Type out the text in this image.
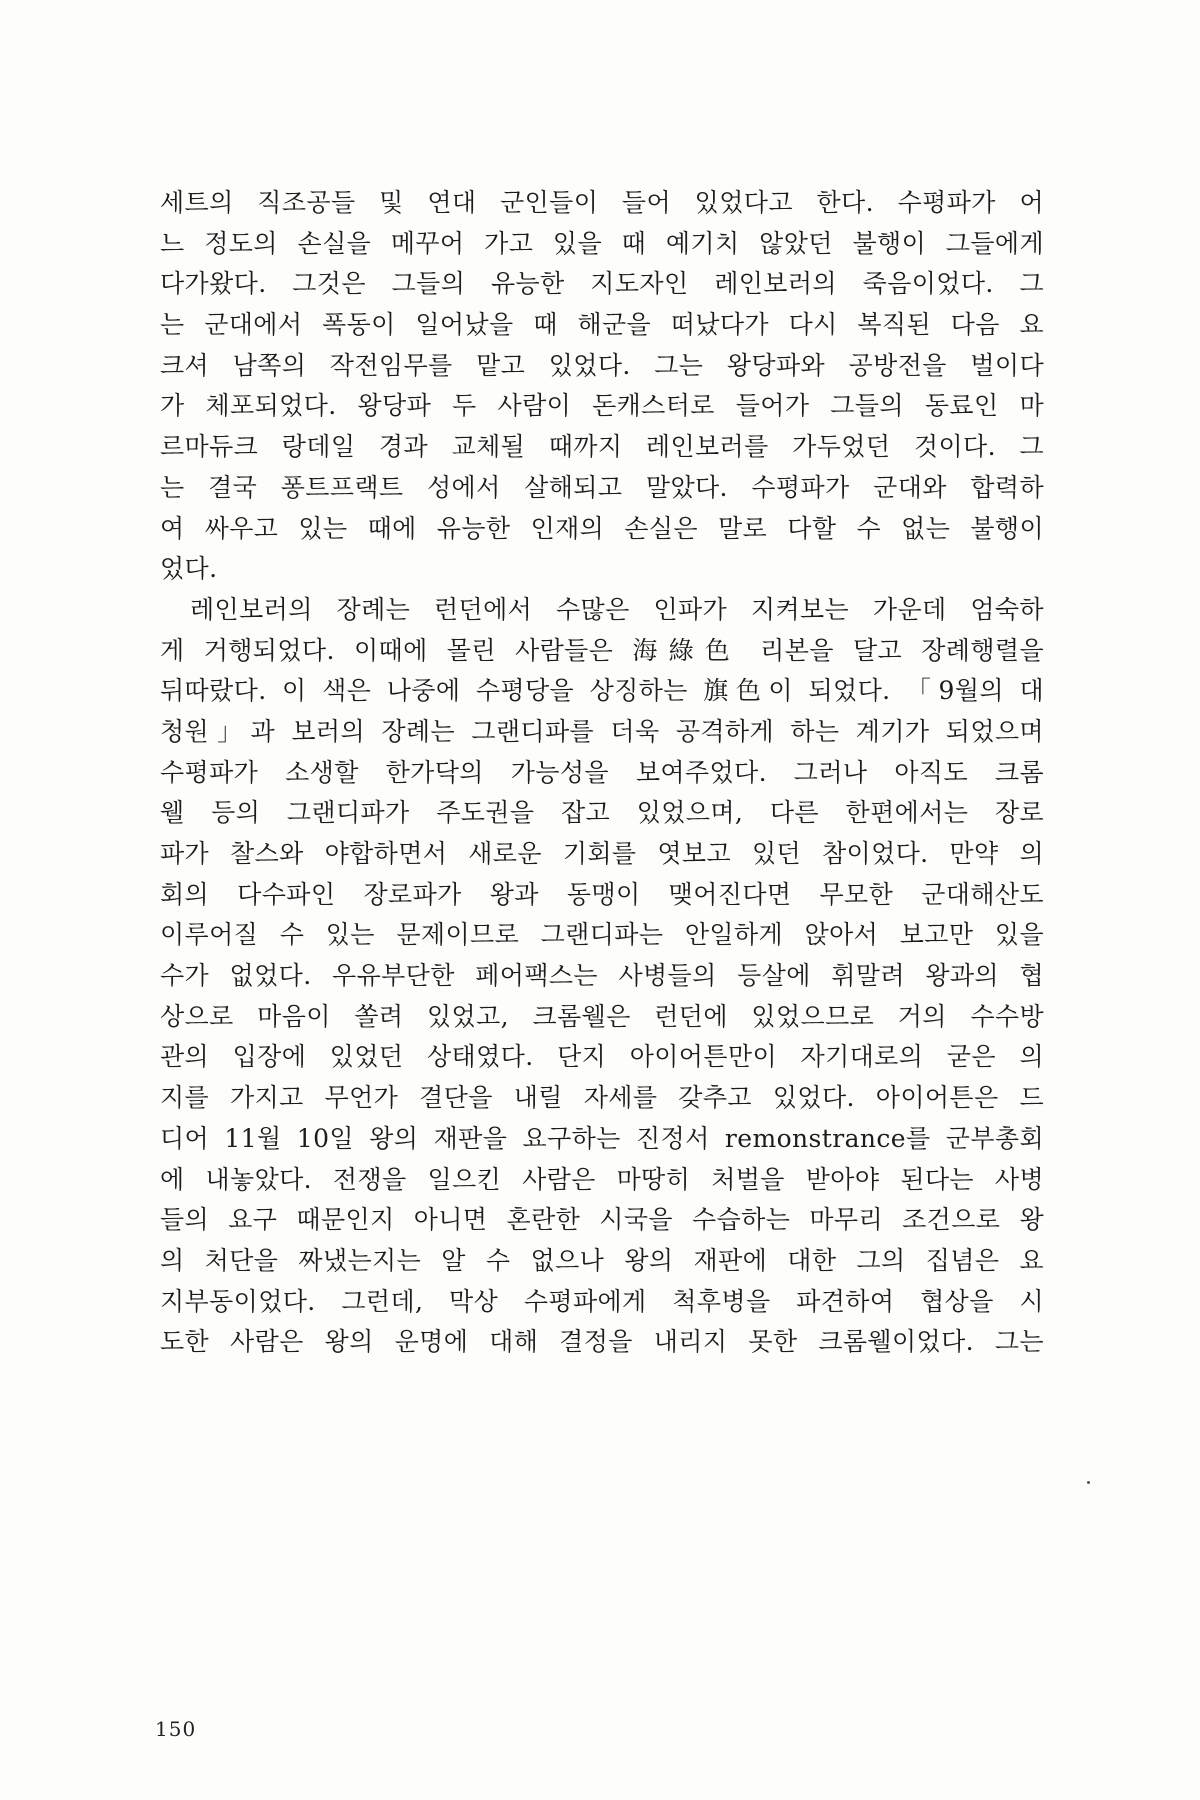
세트의 직조공들 및 연대 군인들이 들어 있었다고 한다. 수평파가 어
느 정도의 손실을 메꾸어 가고 있을 때 예기치 않았던 불행이 그들에게
다가왔다. 그것은 그들의 유능한 지도자인 레인보러의 죽음이었다. 그
는 군대에서 폭동이 일어났을 때 해군을 떠났다가 다시 복직된 다음 요
크셔 남쪽의 작전임무를 맡고 있었다. 그는 왕당파와 공방전을 벌이다
가 체포되었다. 왕당파 두 사람이 돈캐스터로 들어가 그들의 동료인 마
르마듀크 랑데일 경과 교체될 때까지 레인보러를 가두었던 것이다. 그
는 결국 퐁트프랙트 성에서 살해되고 말았다. 수평파가 군대와 합력하
여 싸우고 있는 때에 유능한 인재의 손실은 말로 다할 수 없는 불행이
었다.

레인보러의 장례는 런던에서 수많은 인파가 지켜보는 가운데 엄숙하
게 거행되었다. 이때에 몰린 사람들은 海綠色 리본을 달고 장례행렬을
뒤따랐다. 이 색은 나중에 수평당을 상징하는 旗色이 되었다. 「9월의 대
청원」과 보러의 장례는 그랜디파를 더욱 공격하게 하는 계기가 되었으며
수평파가 소생할 한가닥의 가능성을 보여주었다. 그러나 아직도 크롬
웰 등의 그랜디파가 주도권을 잡고 있었으며, 다른 한편에서는 장로
파가 찰스와 야합하면서 새로운 기회를 엿보고 있던 참이었다. 만약 의
회의 다수파인 장로파가 왕과 동맹이 맺어진다면 무모한 군대해산도
이루어질 수 있는 문제이므로 그랜디파는 안일하게 앉아서 보고만 있을
수가 없었다. 우유부단한 페어팩스는 사병들의 등살에 휘말려 왕과의 협
상으로 마음이 쏠려 있었고, 크롬웰은 런던에 있었으므로 거의 수수방
관의 입장에 있었던 상태였다. 단지 아이어튼만이 자기대로의 굳은 의
지를 가지고 무언가 결단을 내릴 자세를 갖추고 있었다. 아이어튼은 드
디어 11월 10일 왕의 재판을 요구하는 진정서 remonstrance를 군부총회
에 내놓았다. 전쟁을 일으킨 사람은 마땅히 처벌을 받아야 된다는 사병
들의 요구 때문인지 아니면 혼란한 시국을 수습하는 마무리 조건으로 왕
의 처단을 짜냈는지는 알 수 없으나 왕의 재판에 대한 그의 집념은 요
지부동이었다. 그런데, 막상 수평파에게 척후병을 파견하여 협상을 시
도한 사람은 왕의 운명에 대해 결정을 내리지 못한 크롬웰이었다. 그는

150
